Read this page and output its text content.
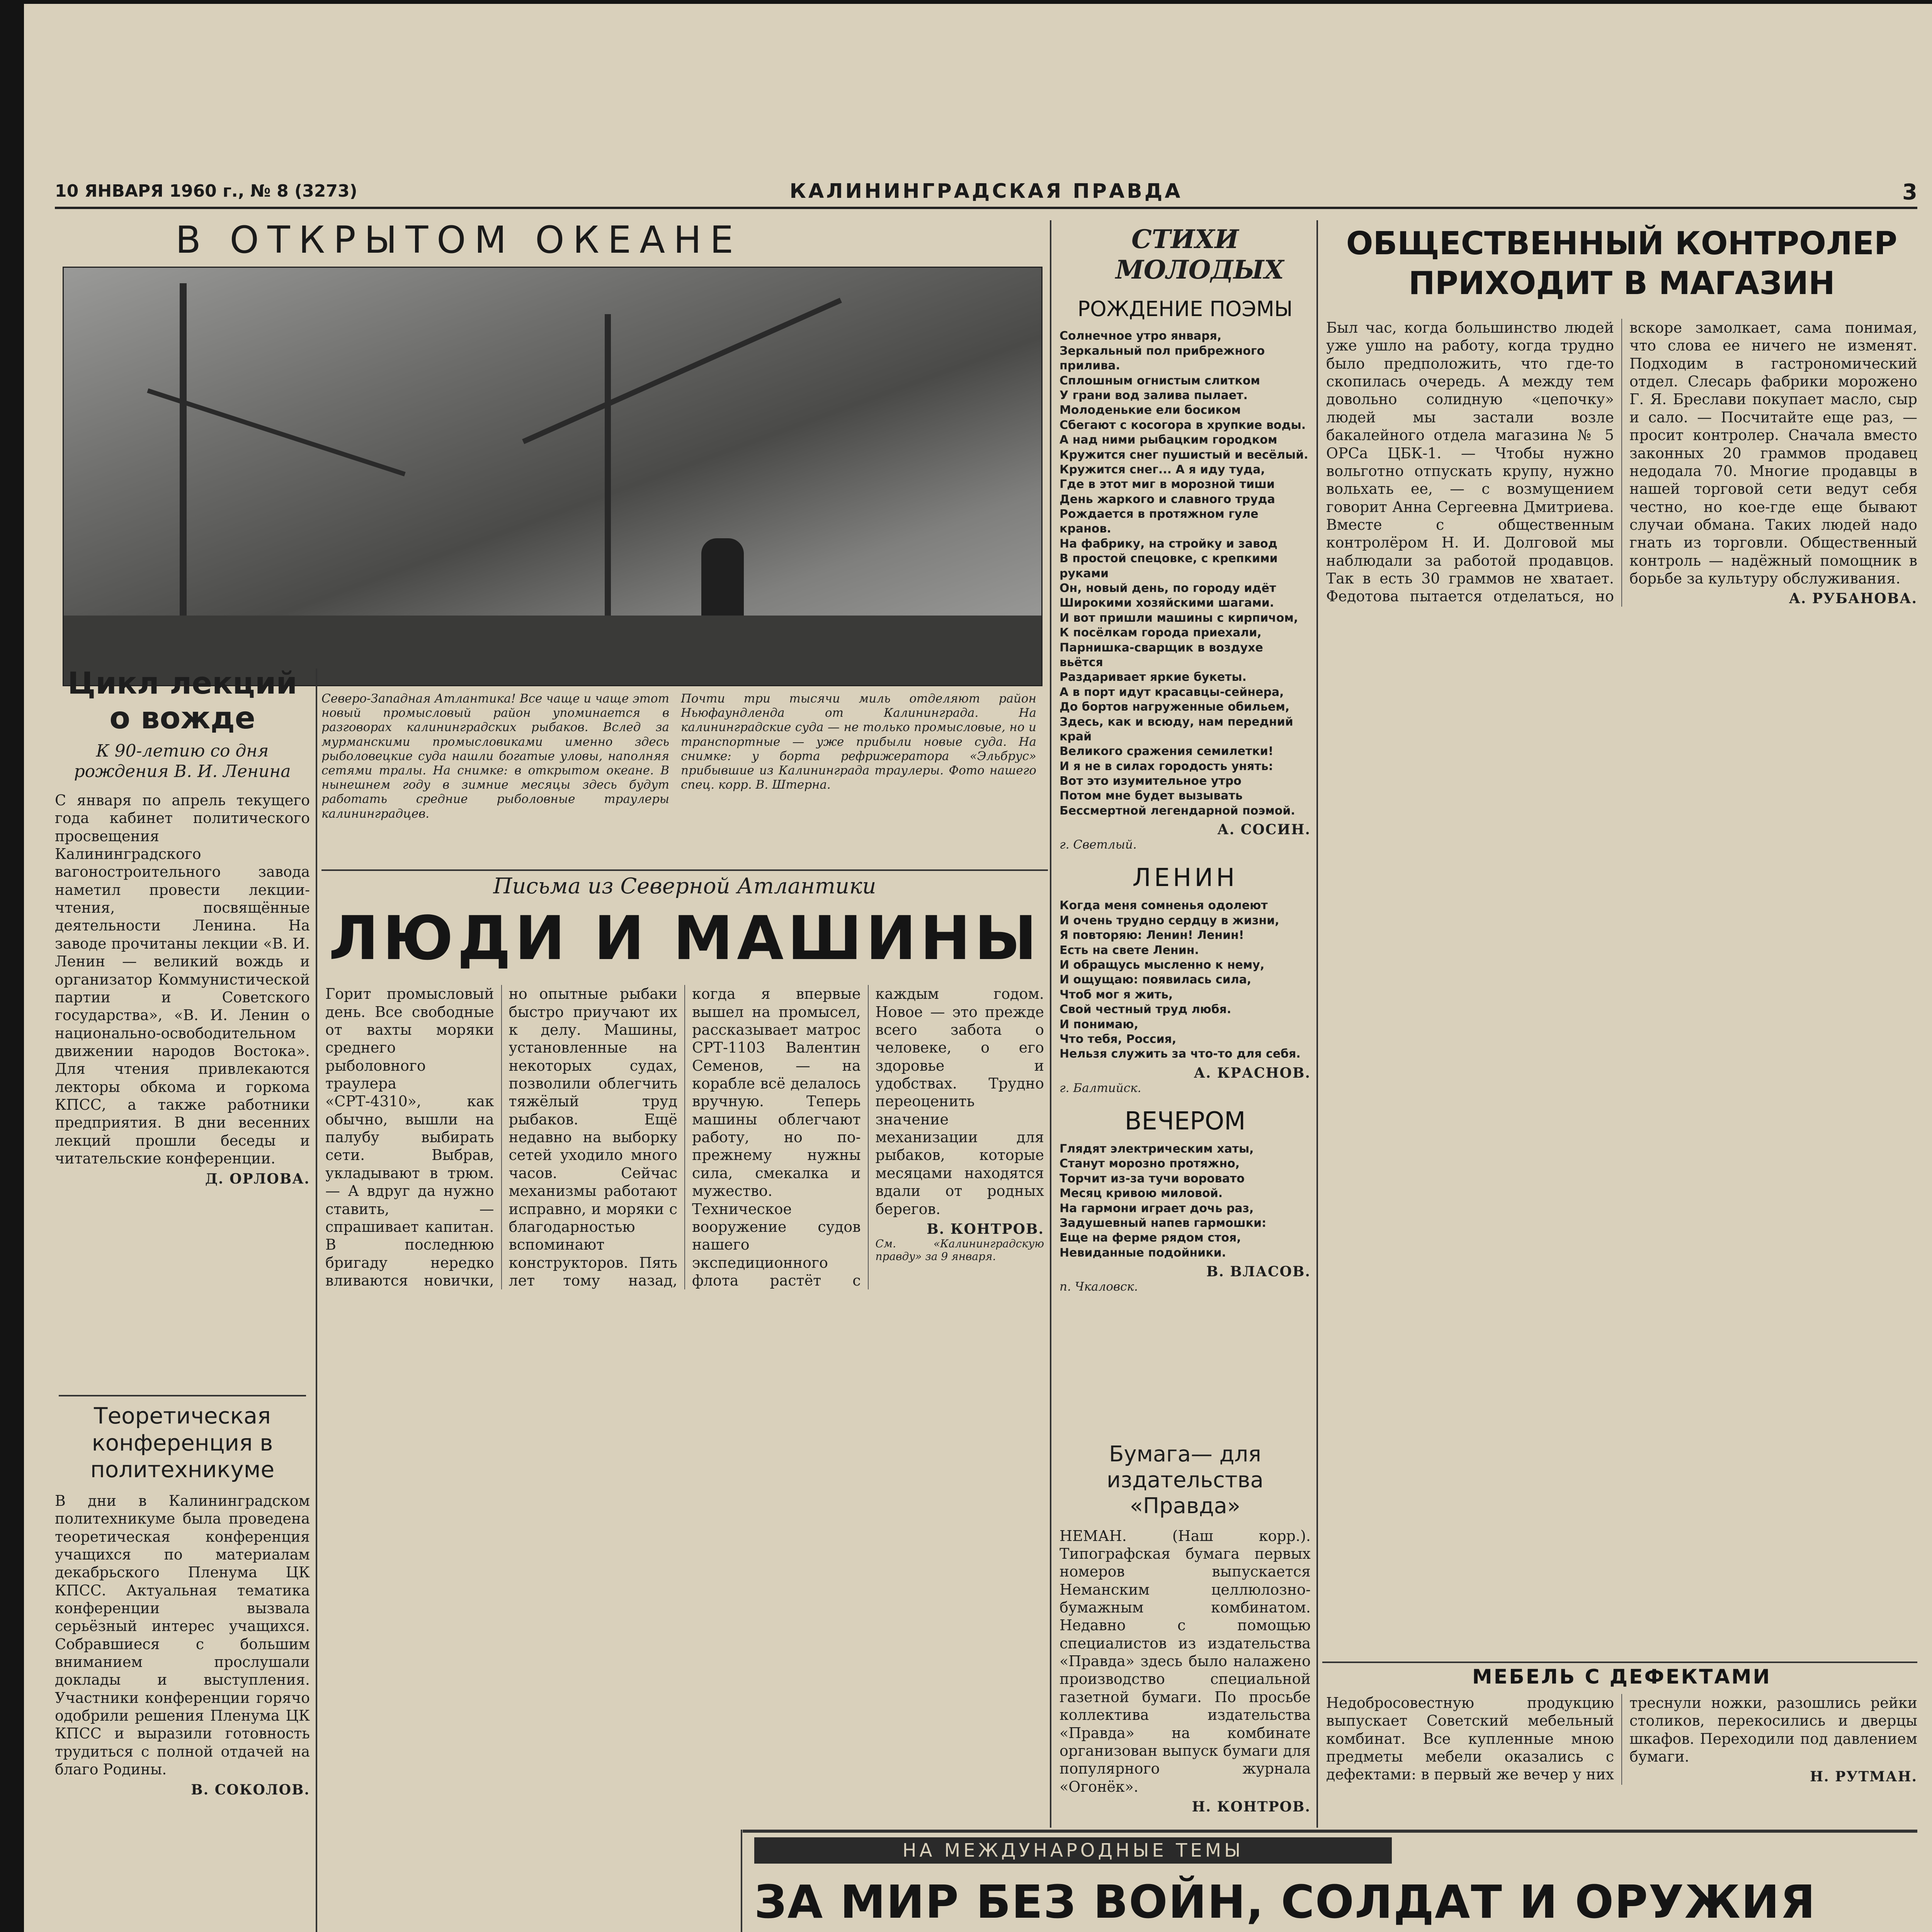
10 ЯНВАРЯ 1960 г., № 8 (3273)	КАЛИНИНГРАДСКАЯ ПРАВДА	3
В ОТКРЫТОМ ОКЕАНЕ

Северо-Западная Атлантика! Все чаще и чаще этот новый промысловый район упоминается в разговорах калининградских рыбаков. Вслед за мурманскими промысловиками именно здесь рыболовецкие суда нашли богатые уловы, наполняя сетями тралы. На снимке: в открытом океане. В нынешнем году в зимние месяцы здесь будут работать средние рыболовные траулеры калининградцев.

Почти три тысячи миль отделяют район Ньюфаундленда от Калининграда. На калининградские суда — не только промысловые, но и транспортные — уже прибыли новые суда. На снимке: у борта рефрижератора «Эльбрус» прибывшие из Калининграда траулеры. Фото нашего спец. корр. В. Штерна.

Цикл лекций о вожде
К 90-летию со дня рождения В. И. Ленина

С января по апрель текущего года кабинет политического просвещения Калининградского вагоностроительного завода наметил провести лекции-чтения, посвящённые деятельности Ленина. На заводе прочитаны лекции «В. И. Ленин — великий вождь и организатор Коммунистической партии и Советского государства», «В. И. Ленин о национально-освободительном движении народов Востока». Для чтения привлекаются лекторы обкома и горкома КПСС, а также работники предприятия. В дни весенних лекций прошли беседы и читательские конференции.

Д. ОРЛОВА.
Теоретическая конференция в политехникуме

В дни в Калининградском политехникуме была проведена теоретическая конференция учащихся по материалам декабрьского Пленума ЦК КПСС. Актуальная тематика конференции вызвала серьёзный интерес учащихся. Собравшиеся с большим вниманием прослушали доклады и выступления. Участники конференции горячо одобрили решения Пленума ЦК КПСС и выразили готовность трудиться с полной отдачей на благо Родины.

В. СОКОЛОВ.

Письма из Северной Атлантики
ЛЮДИ И МАШИНЫ

Горит промысловый день. Все свободные от вахты моряки среднего рыболовного траулера «СРТ-4310», как обычно, вышли на палубу выбирать сети. Выбрав, укладывают в трюм. — А вдруг да нужно ставить, — спрашивает капитан. В последнюю бригаду нередко вливаются новички, но опытные рыбаки быстро приучают их к делу. Машины, установленные на некоторых судах, позволили облегчить тяжёлый труд рыбаков. Ещё недавно на выборку сетей уходило много часов. Сейчас механизмы работают исправно, и моряки с благодарностью вспоминают конструкторов. Пять лет тому назад, когда я впервые вышел на промысел, рассказывает матрос СРТ-1103 Валентин Семенов, — на корабле всё делалось вручную. Теперь машины облегчают работу, но по-прежнему нужны сила, смекалка и мужество. Техническое вооружение судов нашего экспедиционного флота растёт с каждым годом. Новое — это прежде всего забота о человеке, о его здоровье и удобствах. Трудно переоценить значение механизации для рыбаков, которые месяцами находятся вдали от родных берегов.

В. КОНТРОВ.

См. «Калининградскую правду» за 9 января.

СТИХИ МОЛОДЫХ
РОЖДЕНИЕ ПОЭМЫ
Солнечное утро января,
Зеркальный пол прибрежного прилива.
Сплошным огнистым слитком
У грани вод залива пылает.
Молоденькие ели босиком
Сбегают с косогора в хрупкие воды.
А над ними рыбацким городком
Кружится снег пушистый и весёлый.
Кружится снег... А я иду туда,
Где в этот миг в морозной тиши
День жаркого и славного труда
Рождается в протяжном гуле кранов.
На фабрику, на стройку и завод
В простой спецовке, с крепкими руками
Он, новый день, по городу идёт
Широкими хозяйскими шагами.
И вот пришли машины с кирпичом,
К посёлкам города приехали,
Парнишка-сварщик в воздухе вьётся
Раздаривает яркие букеты.
А в порт идут красавцы-сейнера,
До бортов нагруженные обильем,
Здесь, как и всюду, нам передний край
Великого сражения семилетки!
И я не в силах городость унять:
Вот это изумительное утро
Потом мне будет вызывать
Бессмертной легендарной поэмой.
А. СОСИН.
г. Светлый.
ЛЕНИН
Когда меня сомненья одолеют
И очень трудно сердцу в жизни,
Я повторяю: Ленин! Ленин!
Есть на свете Ленин.
И обращусь мысленно к нему,
И ощущаю: появилась сила,
Чтоб мог я жить,
Свой честный труд любя.
И понимаю,
Что тебя, Россия,
Нельзя служить за что-то для себя.
А. КРАСНОВ.
г. Балтийск.
ВЕЧЕРОМ
Глядят электрическим хаты,
Станут морозно протяжно,
Торчит из-за тучи воровато
Месяц кривою миловой.
На гармони играет дочь раз,
Задушевный напев гармошки:
Еще на ферме рядом стоя,
Невиданные подойники.
В. ВЛАСОВ.
п. Чкаловск.
Бумага— для издательства «Правда»

НЕМАН. (Наш корр.). Типографская бумага первых номеров выпускается Неманским целлюлозно-бумажным комбинатом. Недавно с помощью специалистов из издательства «Правда» здесь было налажено производство специальной газетной бумаги. По просьбе коллектива издательства «Правда» на комбинате организован выпуск бумаги для популярного журнала «Огонёк».

Н. КОНТРОВ.
ОБЩЕСТВЕННЫЙ КОНТРОЛЕР ПРИХОДИТ В МАГАЗИН

Был час, когда большинство людей уже ушло на работу, когда трудно было предположить, что где-то скопилась очередь. А между тем довольно солидную «цепочку» людей мы застали возле бакалейного отдела магазина № 5 ОРСа ЦБК-1. — Чтобы нужно вольготно отпускать крупу, нужно вольхать ее, — с возмущением говорит Анна Сергеевна Дмитриева. Вместе с общественным контролёром Н. И. Долговой мы наблюдали за работой продавцов. Так в есть 30 граммов не хватает. Федотова пытается отделаться, но вскоре замолкает, сама понимая, что слова ее ничего не изменят. Подходим в гастрономический отдел. Слесарь фабрики морожено Г. Я. Бреслави покупает масло, сыр и сало. — Посчитайте еще раз, — просит контролер. Сначала вместо законных 20 граммов продавец недодала 70. Многие продавцы в нашей торговой сети ведут себя честно, но кое-где еще бывают случаи обмана. Таких людей надо гнать из торговли. Общественный контроль — надёжный помощник в борьбе за культуру обслуживания.

А. РУБАНОВА.
МЕБЕЛЬ С ДЕФЕКТАМИ

Недобросовестную продукцию выпускает Советский мебельный комбинат. Все купленные мною предметы мебели оказались с дефектами: в первый же вечер у них треснули ножки, разошлись рейки столиков, перекосились и дверцы шкафов. Переходили под давлением бумаги.

Н. РУТМАН.
НА МЕЖДУНАРОДНЫЕ ТЕМЫ
ЗА МИР БЕЗ ВОЙН, СОЛДАТ И ОРУЖИЯ
